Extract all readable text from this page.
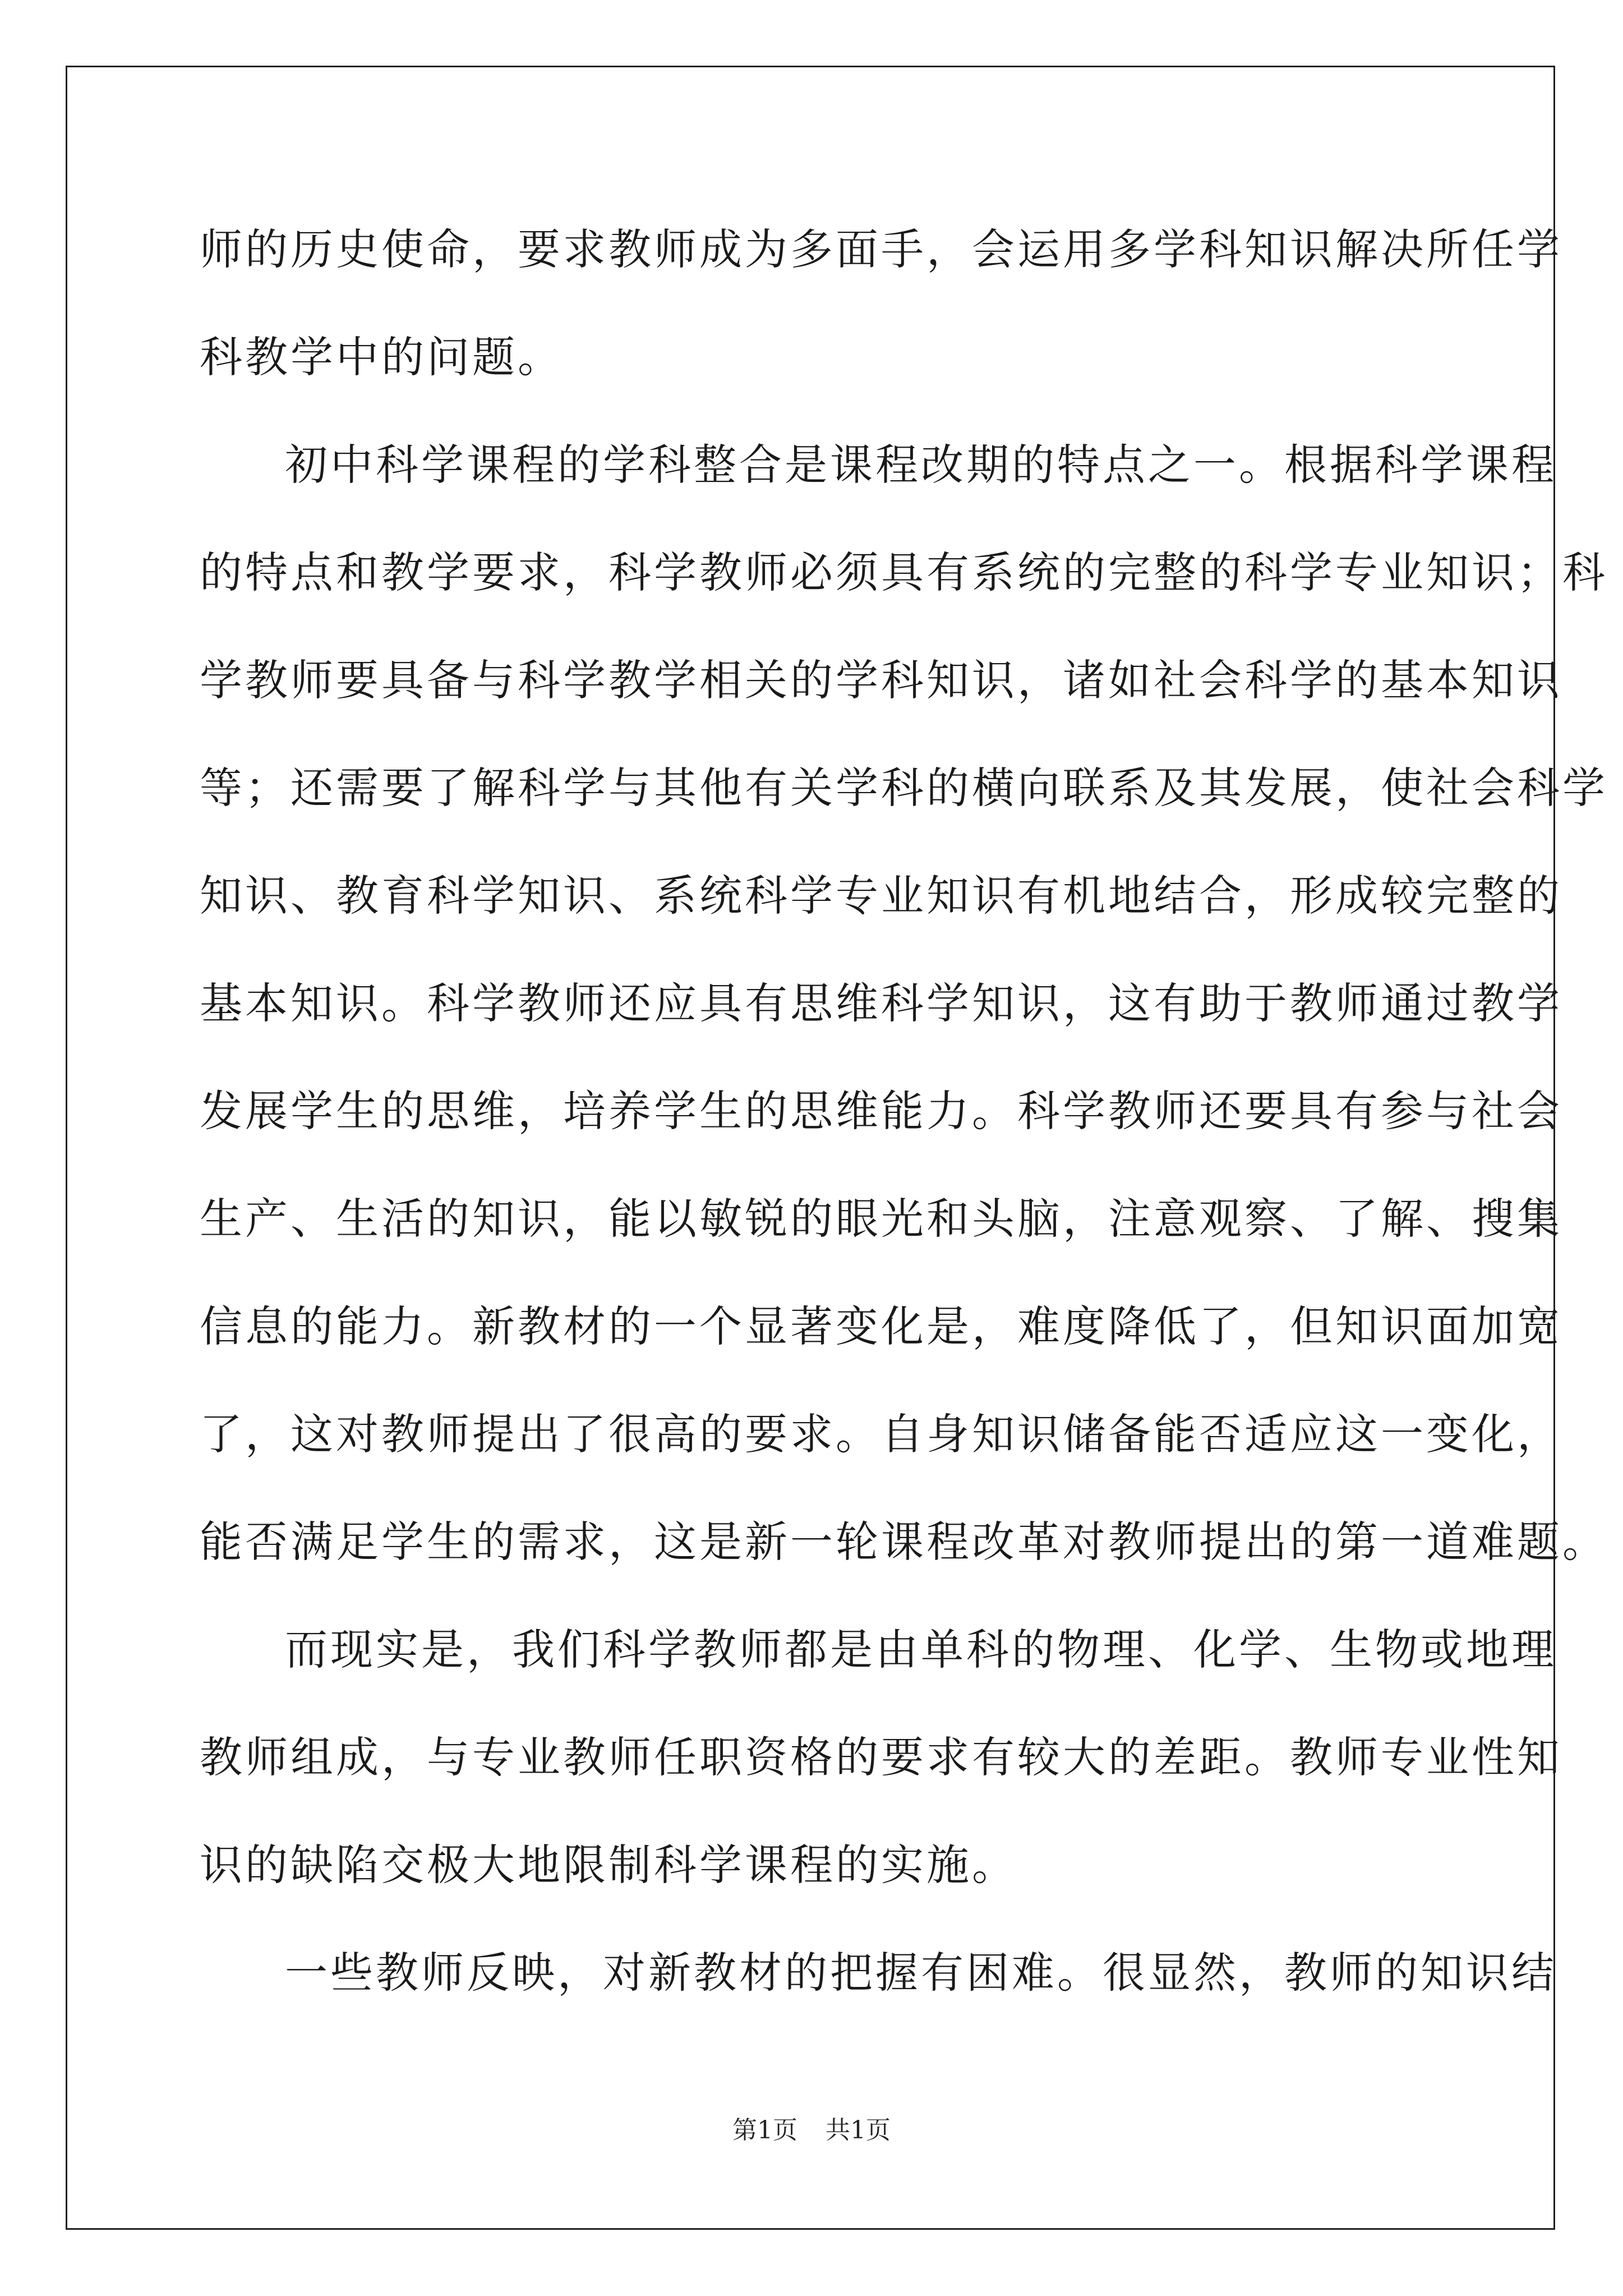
师的历史使命，要求教师成为多面手，会运用多学科知识解决所任学
科教学中的问题。
初中科学课程的学科整合是课程改期的特点之一。根据科学课程
的特点和教学要求，科学教师必须具有系统的完整的科学专业知识；科
学教师要具备与科学教学相关的学科知识，诸如社会科学的基本知识
等；还需要了解科学与其他有关学科的横向联系及其发展，使社会科学
知识、教育科学知识、系统科学专业知识有机地结合，形成较完整的
基本知识。科学教师还应具有思维科学知识，这有助于教师通过教学
发展学生的思维，培养学生的思维能力。科学教师还要具有参与社会
生产、生活的知识，能以敏锐的眼光和头脑，注意观察、了解、搜集
信息的能力。新教材的一个显著变化是，难度降低了，但知识面加宽
了，这对教师提出了很高的要求。自身知识储备能否适应这一变化，
能否满足学生的需求，这是新一轮课程改革对教师提出的第一道难题。
而现实是，我们科学教师都是由单科的物理、化学、生物或地理
教师组成，与专业教师任职资格的要求有较大的差距。教师专业性知
识的缺陷交极大地限制科学课程的实施。
一些教师反映，对新教材的把握有困难。很显然，教师的知识结
第1页 共1页
